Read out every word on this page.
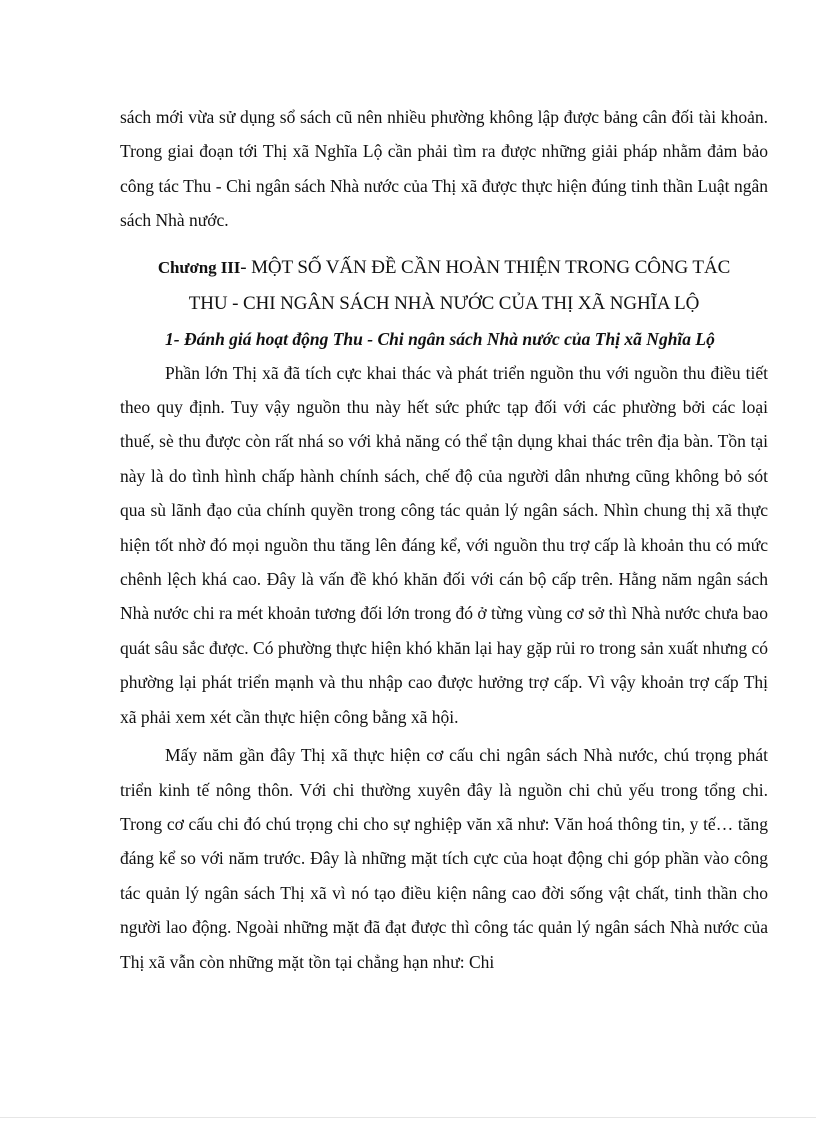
sách mới vừa sử dụng sổ sách cũ nên nhiều phường không lập được bảng cân đối tài khoản. Trong giai đoạn tới Thị xã Nghĩa Lộ cần phải tìm ra được những giải pháp nhằm đảm bảo công tác Thu - Chi ngân sách Nhà nước của Thị xã được thực hiện đúng tinh thần Luật ngân sách Nhà nước.

Chương III- MỘT SỐ VẤN ĐỀ CẦN HOÀN THIỆN TRONG CÔNG TÁC
THU - CHI NGÂN SÁCH NHÀ NƯỚC CỦA THỊ XÃ NGHĨA LỘ

1- Đánh giá hoạt động Thu - Chi ngân sách Nhà nước của Thị xã Nghĩa Lộ

Phần lớn Thị xã đã tích cực khai thác và phát triển nguồn thu với nguồn thu điều tiết theo quy định. Tuy vậy nguồn thu này hết sức phức tạp đối với các phường bởi các loại thuế, sè thu được còn rất nhá so với khả năng có thể tận dụng khai thác trên địa bàn. Tồn tại này là do tình hình chấp hành chính sách, chế độ của người dân nhưng cũng không bỏ sót qua sù lãnh đạo của chính quyền trong công tác quản lý ngân sách. Nhìn chung thị xã thực hiện tốt nhờ đó mọi nguồn thu tăng lên đáng kể, với nguồn thu trợ cấp là khoản thu có mức chênh lệch khá cao. Đây là vấn đề khó khăn đối với cán bộ cấp trên. Hằng năm ngân sách Nhà nước chi ra mét khoản tương đối lớn trong đó ở từng vùng cơ sở thì Nhà nước chưa bao quát sâu sắc được. Có phường thực hiện khó khăn lại hay gặp rủi ro trong sản xuất nhưng có phường lại phát triển mạnh và thu nhập cao được hưởng trợ cấp. Vì vậy khoản trợ cấp Thị xã phải xem xét cần thực hiện công bằng xã hội.

Mấy năm gần đây Thị xã thực hiện cơ cấu chi ngân sách Nhà nước, chú trọng phát triển kinh tế nông thôn. Với chi thường xuyên đây là nguồn chi chủ yếu trong tổng chi. Trong cơ cấu chi đó chú trọng chi cho sự nghiệp văn xã như: Văn hoá thông tin, y tế… tăng đáng kể so với năm trước. Đây là những mặt tích cực của hoạt động chi góp phần vào công tác quản lý ngân sách Thị xã vì nó tạo điều kiện nâng cao đời sống vật chất, tinh thần cho người lao động. Ngoài những mặt đã đạt được thì công tác quản lý ngân sách Nhà nước của Thị xã vẫn còn những mặt tồn tại chẳng hạn như: Chi
